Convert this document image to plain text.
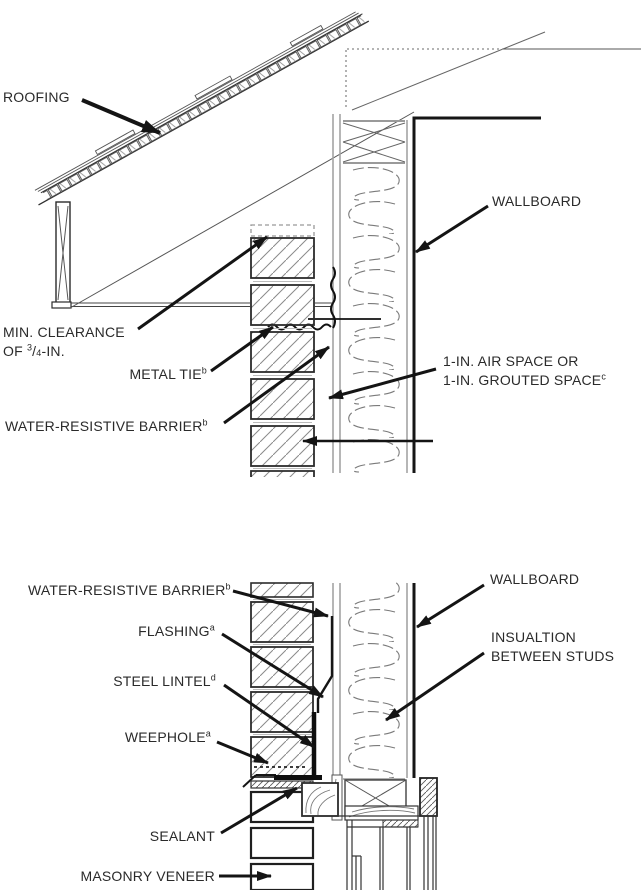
ROOFING
MIN. CLEARANCE
OF $^3$/4-IN.
METAL TIE$^b$
WATER-RESISTIVE BARRIER$^b$
WALLBOARD
1-IN. AIR SPACE OR
1-IN. GROUTED SPACE$^c$
WATER-RESISTIVE BARRIER$^b$
FLASHING$^a$
STEEL LINTEL$^d$
WEEPHOLE$^a$
SEALANT
MASONRY VENEER
WALLBOARD
INSUALTION
BETWEEN STUDS
